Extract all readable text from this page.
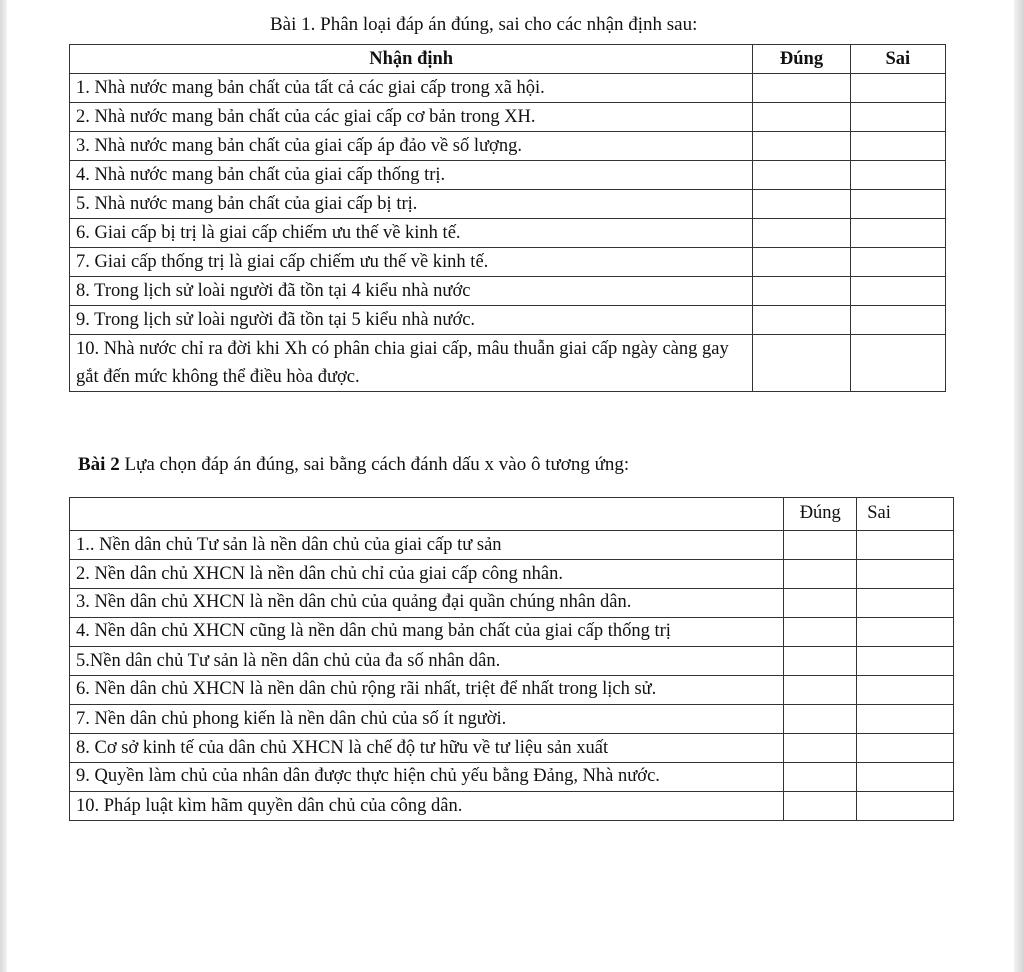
Bài 1. Phân loại đáp án đúng, sai cho các nhận định sau:
Nhận định	Đúng	Sai
1. Nhà nước mang bản chất của tất cả các giai cấp trong xã hội.		
2. Nhà nước mang bản chất của các giai cấp cơ bản trong XH.		
3. Nhà nước mang bản chất của giai cấp áp đảo về số lượng.		
4. Nhà nước mang bản chất của giai cấp thống trị.		
5. Nhà nước mang bản chất của giai cấp bị trị.		
6. Giai cấp bị trị là giai cấp chiếm ưu thế về kinh tế.		
7. Giai cấp thống trị là giai cấp chiếm ưu thế về kinh tế.		
8. Trong lịch sử loài người đã tồn tại 4 kiểu nhà nước		
9. Trong lịch sử loài người đã tồn tại 5 kiểu nhà nước.		
10. Nhà nước chỉ ra đời khi Xh có phân chia giai cấp, mâu thuẫn giai cấp ngày càng gay gắt đến mức không thể điều hòa được.		
Bài 2 Lựa chọn đáp án đúng, sai bằng cách đánh dấu x vào ô tương ứng:
	Đúng	Sai
1.. Nền dân chủ Tư sản là nền dân chủ của giai cấp tư sản		
2. Nền dân chủ XHCN là nền dân chủ chỉ của giai cấp công nhân.		
3. Nền dân chủ XHCN là nền dân chủ của quảng đại quần chúng nhân dân.		
4. Nền dân chủ XHCN cũng là nền dân chủ mang bản chất của giai cấp thống trị		
5.Nền dân chủ Tư sản là nền dân chủ của đa số nhân dân.		
6. Nền dân chủ XHCN là nền dân chủ rộng rãi nhất, triệt để nhất trong lịch sử.		
7. Nền dân chủ phong kiến là nền dân chủ của số ít người.		
8. Cơ sở kinh tế của dân chủ XHCN là chế độ tư hữu về tư liệu sản xuất		
9. Quyền làm chủ của nhân dân được thực hiện chủ yếu bằng Đảng, Nhà nước.		
10. Pháp luật kìm hãm quyền dân chủ của công dân.		
